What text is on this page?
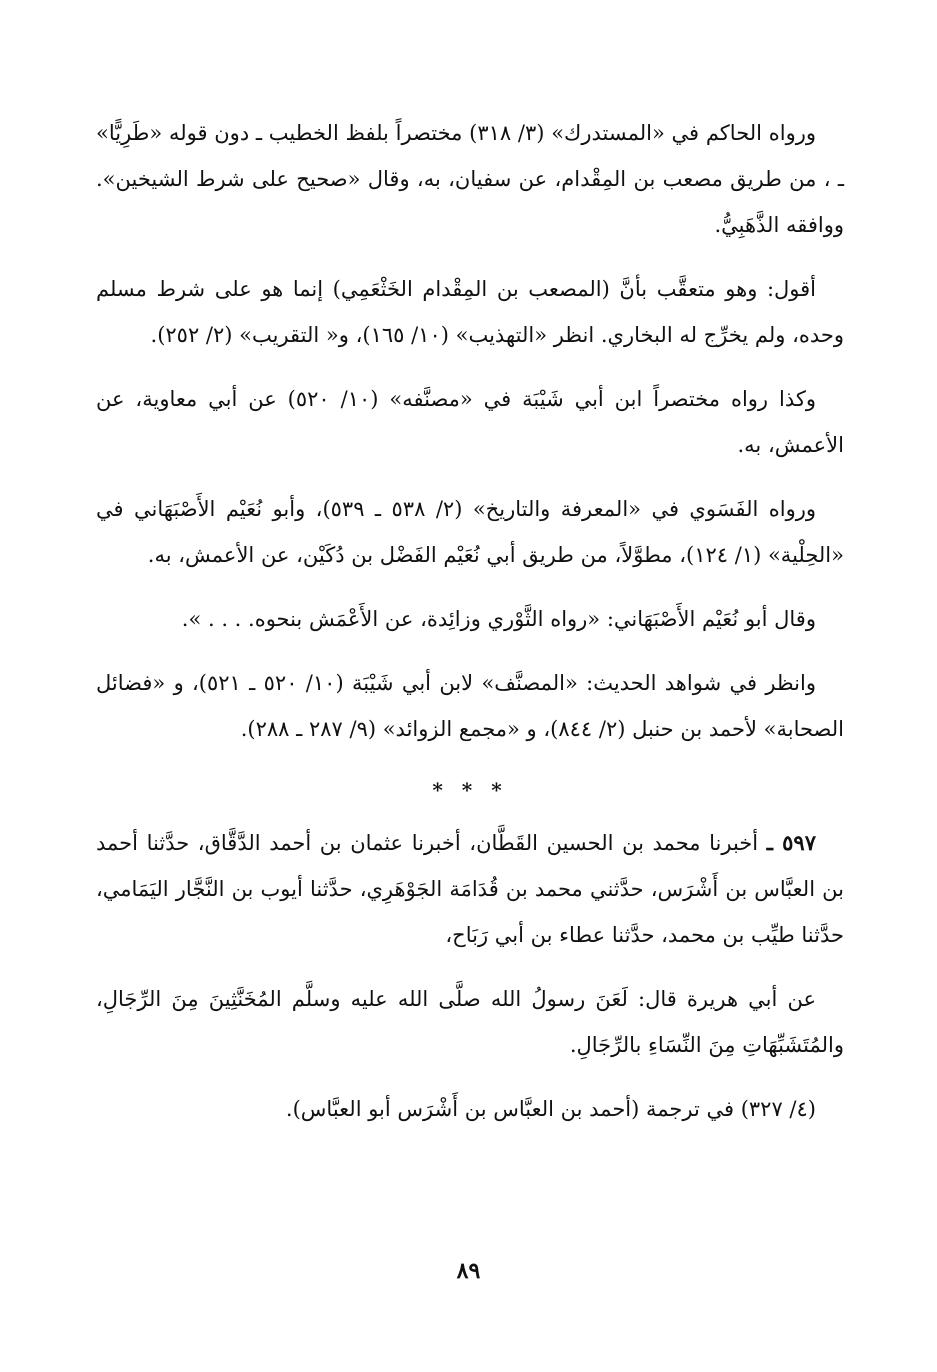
ورواه الحاكم في «المستدرك» (٣/ ٣١٨) مختصراً بلفظ الخطيب ـ دون قوله «طَرِيًّا» ـ ، من طريق مصعب بن المِقْدام، عن سفيان، به، وقال «صحيح على شرط الشيخين». ووافقه الذَّهَبِيُّ.

أقول: وهو متعقَّب بأنَّ (المصعب بن المِقْدام الخَثْعَمِي) إنما هو على شرط مسلم وحده، ولم يخرِّج له البخاري. انظر «التهذيب» (١٠/ ١٦٥)، و« التقريب» (٢/ ٢٥٢).

وكذا رواه مختصراً ابن أبي شَيْبَة في «مصنَّفه» (١٠/ ٥٢٠) عن أبي معاوية، عن الأعمش، به.

ورواه الفَسَوي في «المعرفة والتاريخ» (٢/ ٥٣٨ ـ ٥٣٩)، وأبو نُعَيْم الأَصْبَهَاني في «الحِلْية» (١/ ١٢٤)، مطوَّلاً، من طريق أبي نُعَيْم الفَضْل بن دُكَيْن، عن الأعمش، به.

وقال أبو نُعَيْم الأَصْبَهَاني: «رواه الثَّوْري وزائِدة، عن الأَعْمَش بنحوه. . . . ».

وانظر في شواهد الحديث: «المصنَّف» لابن أبي شَيْبَة (١٠/ ٥٢٠ ـ ٥٢١)، و «فضائل الصحابة» لأحمد بن حنبل (٢/ ٨٤٤)، و «مجمع الزوائد» (٩/ ٢٨٧ ـ ٢٨٨).

* * *

٥٩٧ ـ أخبرنا محمد بن الحسين القَطَّان، أخبرنا عثمان بن أحمد الدَّقَّاق، حدَّثنا أحمد بن العبَّاس بن أَشْرَس، حدَّثني محمد بن قُدَامَة الجَوْهَرِي، حدَّثنا أيوب بن النَّجَّار اليَمَامي، حدَّثنا طيِّب بن محمد، حدَّثنا عطاء بن أبي رَبَاح،

عن أبي هريرة قال: لَعَنَ رسولُ الله صلَّى الله عليه وسلَّم المُخَنَّثِينَ مِنَ الرِّجَالِ، والمُتَشَبِّهَاتِ مِنَ النِّسَاءِ بالرِّجَالِ.

(٤/ ٣٢٧) في ترجمة (أحمد بن العبَّاس بن أَشْرَس أبو العبَّاس).

٨٩
